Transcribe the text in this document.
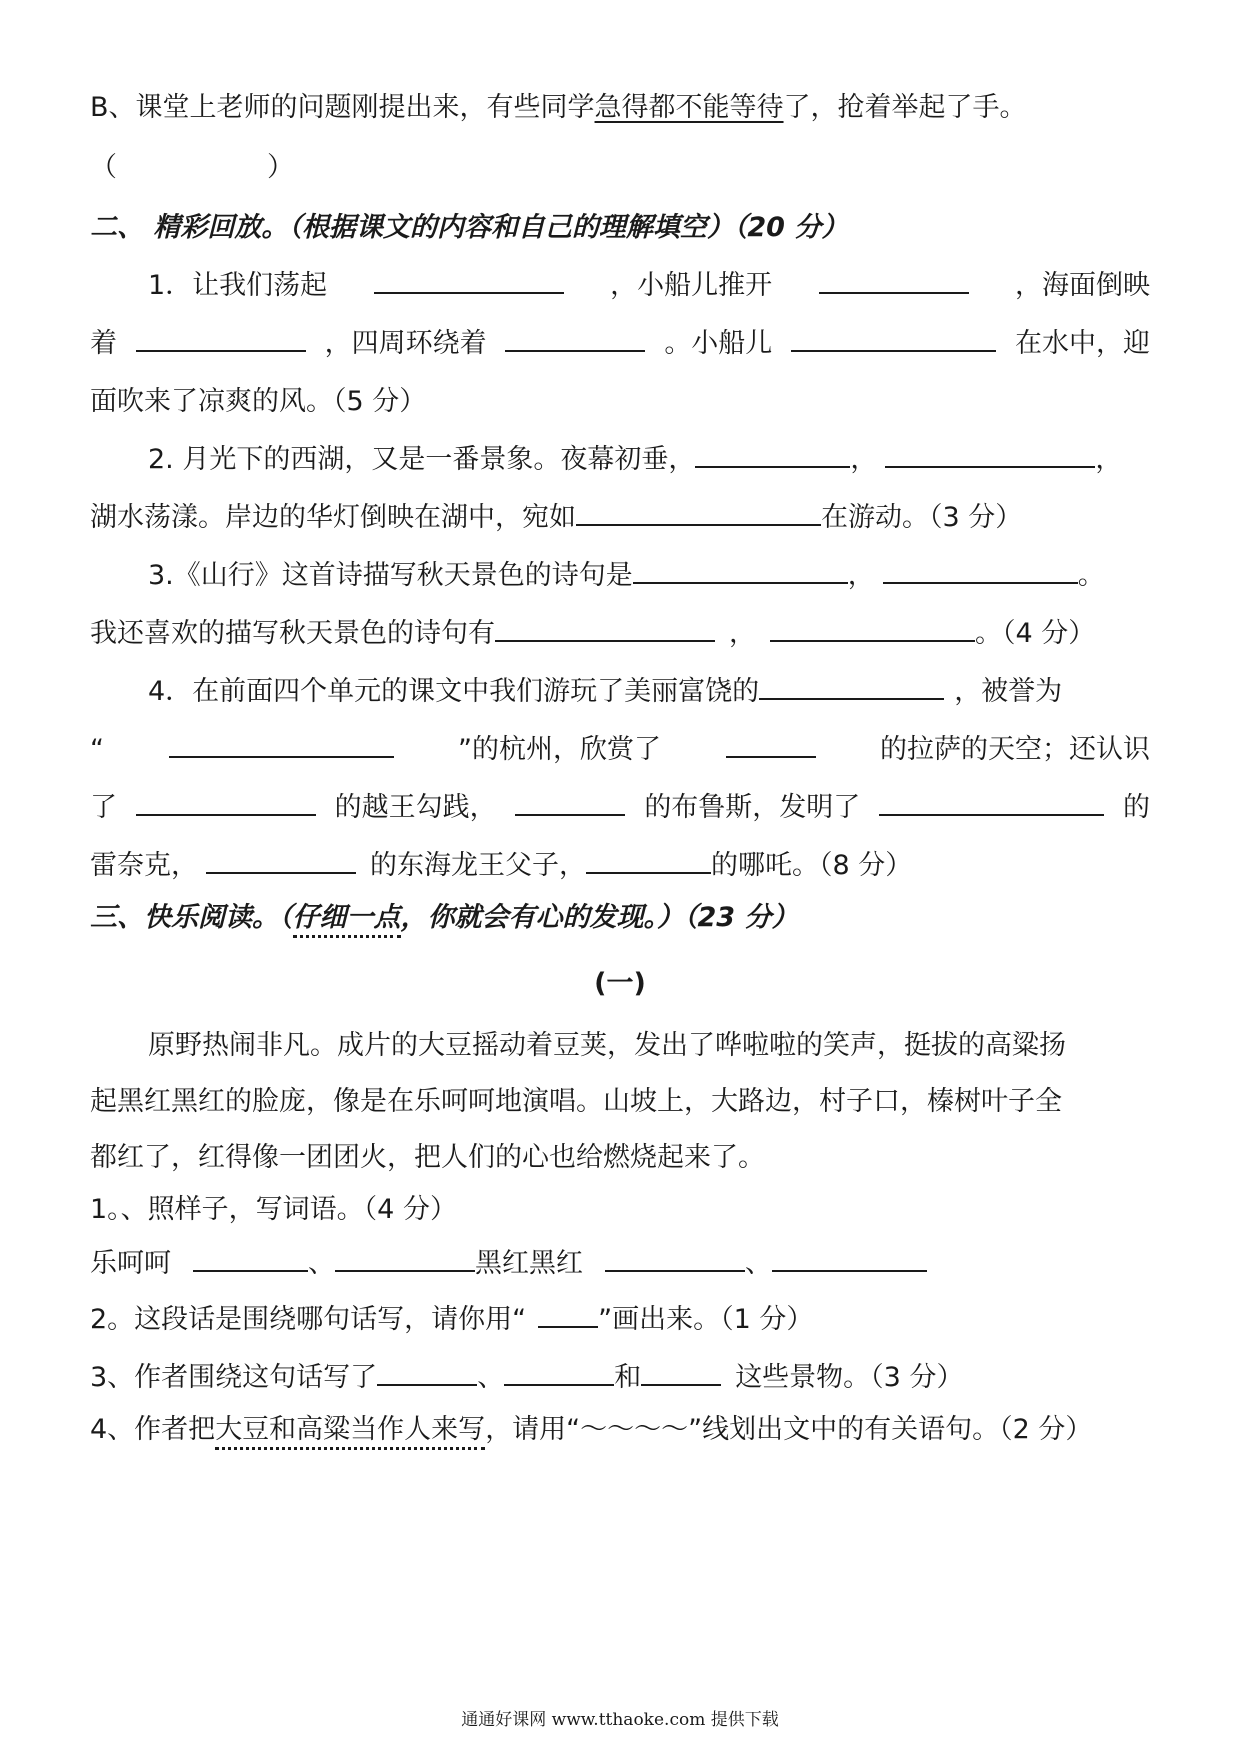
B、课堂上老师的问题刚提出来，有些同学急得都不能等待了，抢着举起了手。
（	）
二、 精彩回放。（根据课文的内容和自己的理解填空）（20 分）
1．让我们荡起	，小船儿推开	，海面倒映
着	，四周环绕着	。小船儿	在水中，迎
面吹来了凉爽的风。（5 分）
2. 月光下的西湖，又是一番景象。夜幕初垂，	，	，
湖水荡漾。岸边的华灯倒映在湖中，宛如	在游动。（3 分）
3.《山行》这首诗描写秋天景色的诗句是	，	。
我还喜欢的描写秋天景色的诗句有	，	。（4 分）
4．在前面四个单元的课文中我们游玩了美丽富饶的	，被誉为
“	”的杭州，欣赏了	的拉萨的天空；还认识
了	的越王勾践，	的布鲁斯，发明了	的
雷奈克，	的东海龙王父子，	的哪吒。（8 分）
三、快乐阅读。（仔细一点，你就会有心的发现。）（23 分）
(一)
原野热闹非凡。成片的大豆摇动着豆荚，发出了哗啦啦的笑声，挺拔的高粱扬
起黑红黑红的脸庞，像是在乐呵呵地演唱。山坡上，大路边，村子口，榛树叶子全
都红了，红得像一团团火，把人们的心也给燃烧起来了。
1。、照样子，写词语。（4 分）
乐呵呵	、	黑红黑红	、
2。这段话是围绕哪句话写，请你用“	”画出来。（1 分）
3、作者围绕这句话写了	、	和	这些景物。（3 分）
4、作者把大豆和高粱当作人来写，请用“～～～～”线划出文中的有关语句。（2 分）
通通好课网 www.tthaoke.com 提供下载
